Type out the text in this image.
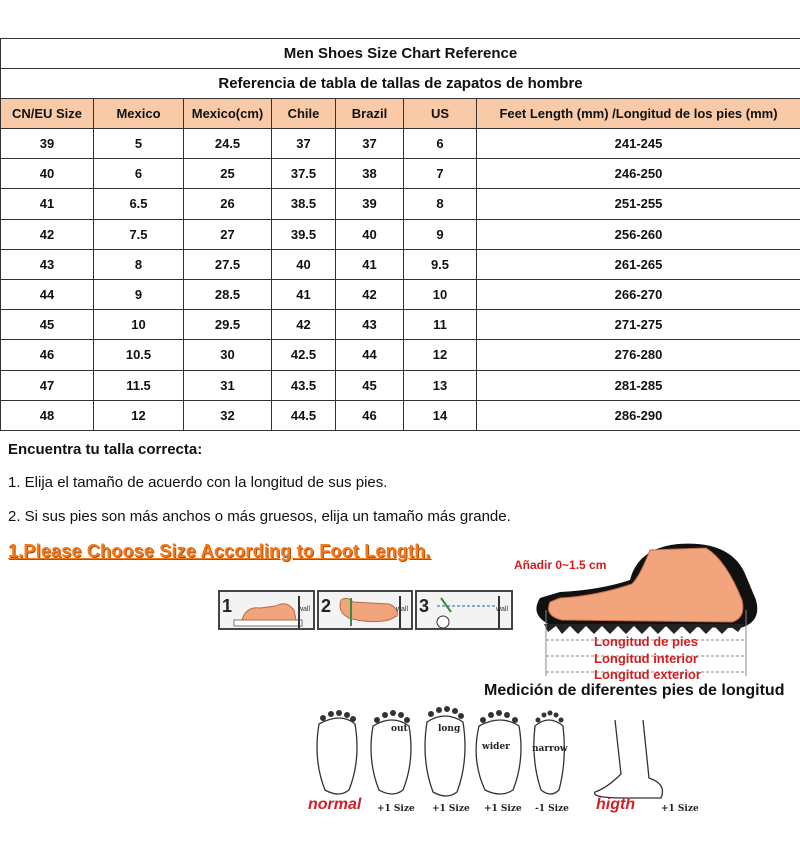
Men Shoes Size Chart Reference						
Referencia de tabla de tallas de zapatos de hombre						
CN/EU Size	Mexico	Mexico(cm)	Chile	Brazil	US	Feet Length (mm) /Longitud de los pies (mm)
39	5	24.5	37	37	6	241-245
40	6	25	37.5	38	7	246-250
41	6.5	26	38.5	39	8	251-255
42	7.5	27	39.5	40	9	256-260
43	8	27.5	40	41	9.5	261-265
44	9	28.5	41	42	10	266-270
45	10	29.5	42	43	11	271-275
46	10.5	30	42.5	44	12	276-280
47	11.5	31	43.5	45	13	281-285
48	12	32	44.5	46	14	286-290
Encuentra tu talla correcta:
1. Elija el tamaño de acuerdo con la longitud de sus pies.
2. Si sus pies son más anchos o más gruesos, elija un tamaño más grande.
1.Please Choose Size According to Foot Length.
1	wall 2	wall 3	wall
Añadir 0~1.5 cm
Longitud de pies
Longitud interior
Longitud exterior
Medición de diferentes pies de longitud
out	long
wider narrow
normal +1 Size +1 Size +1 Size -1 Size higth	+1 Size
